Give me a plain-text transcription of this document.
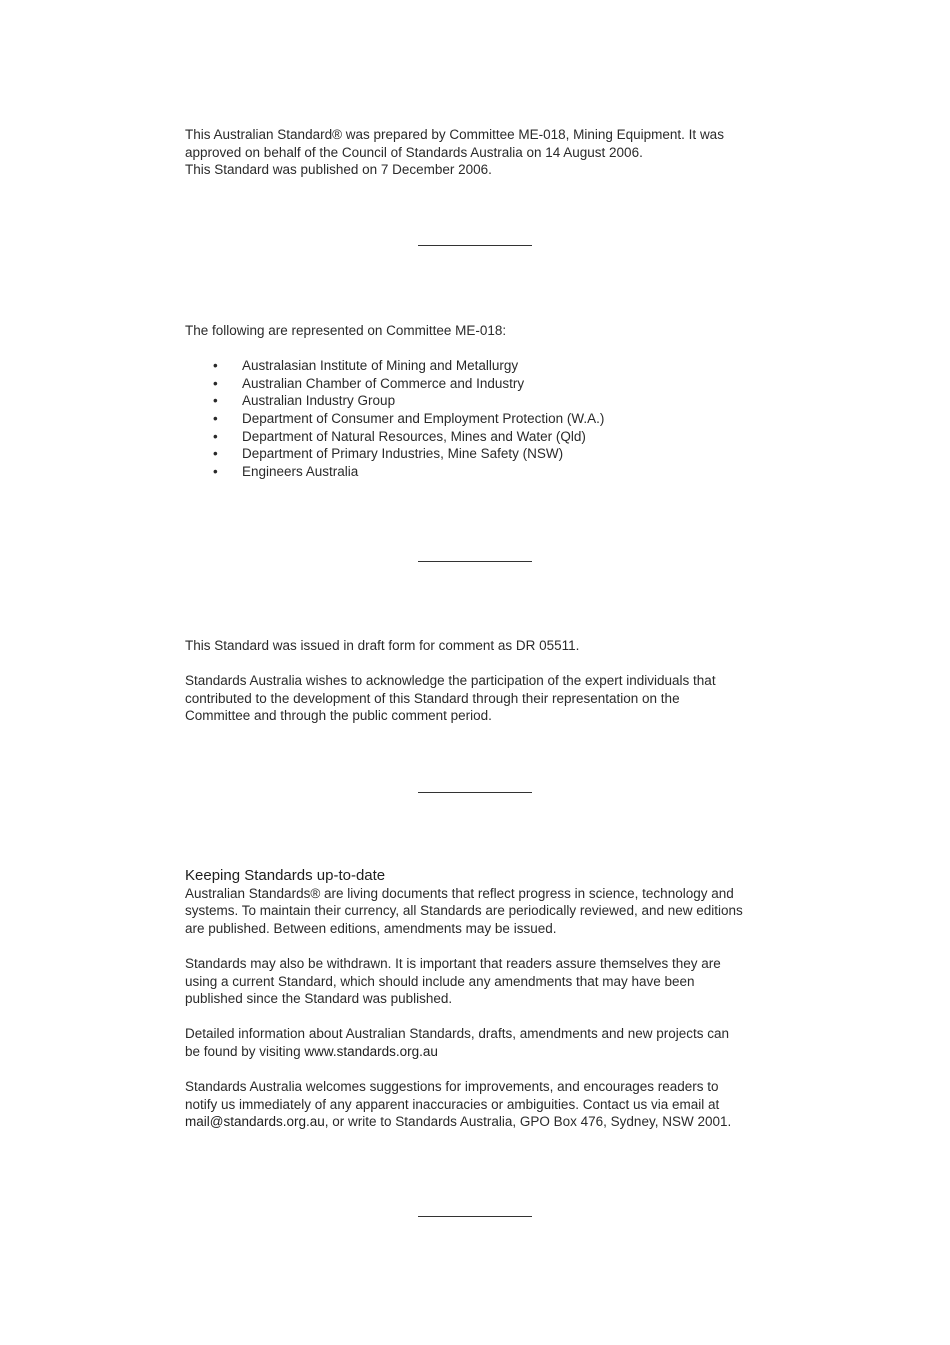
This Australian Standard® was prepared by Committee ME-018, Mining Equipment. It was
approved on behalf of the Council of Standards Australia on 14 August 2006.
This Standard was published on 7 December 2006.

The following are represented on Committee ME-018:

• Australasian Institute of Mining and Metallurgy
• Australian Chamber of Commerce and Industry
• Australian Industry Group
• Department of Consumer and Employment Protection (W.A.)
• Department of Natural Resources, Mines and Water (Qld)
• Department of Primary Industries, Mine Safety (NSW)
• Engineers Australia

This Standard was issued in draft form for comment as DR 05511.

Standards Australia wishes to acknowledge the participation of the expert individuals that
contributed to the development of this Standard through their representation on the
Committee and through the public comment period.

Keeping Standards up-to-date

Australian Standards® are living documents that reflect progress in science, technology and
systems. To maintain their currency, all Standards are periodically reviewed, and new editions
are published. Between editions, amendments may be issued.

Standards may also be withdrawn. It is important that readers assure themselves they are
using a current Standard, which should include any amendments that may have been
published since the Standard was published.

Detailed information about Australian Standards, drafts, amendments and new projects can
be found by visiting www.standards.org.au

Standards Australia welcomes suggestions for improvements, and encourages readers to
notify us immediately of any apparent inaccuracies or ambiguities. Contact us via email at
mail@standards.org.au, or write to Standards Australia, GPO Box 476, Sydney, NSW 2001.
